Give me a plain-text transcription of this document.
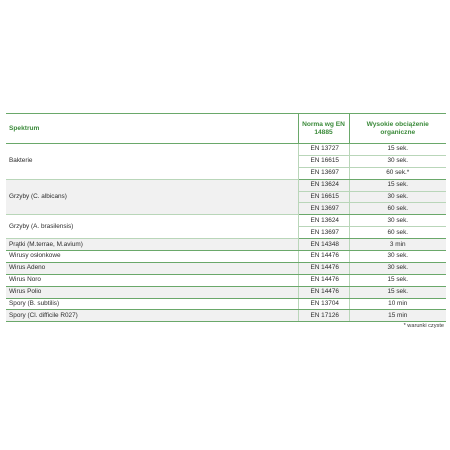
Spektrum	Norma wg EN 14885	Wysokie obciążenie organiczne
Bakterie	EN 13727	15 sek.
	EN 16615	30 sek.
	EN 13697	60 sek.*
Grzyby (C. albicans)	EN 13624	15 sek.
	EN 16615	30 sek.
	EN 13697	60 sek.
Grzyby (A. brasilensis)	EN 13624	30 sek.
	EN 13697	60 sek.
Prątki (M.terrae, M.avium)	EN 14348	3 min
Wirusy osłonkowe	EN 14476	30 sek.
Wirus Adeno	EN 14476	30 sek.
Wirus Noro	EN 14476	15 sek.
Wirus Polio	EN 14476	15 sek.
Spory (B. subtilis)	EN 13704	10 min
Spory (Cl. difficile R027)	EN 17126	15 min
* warunki czyste
